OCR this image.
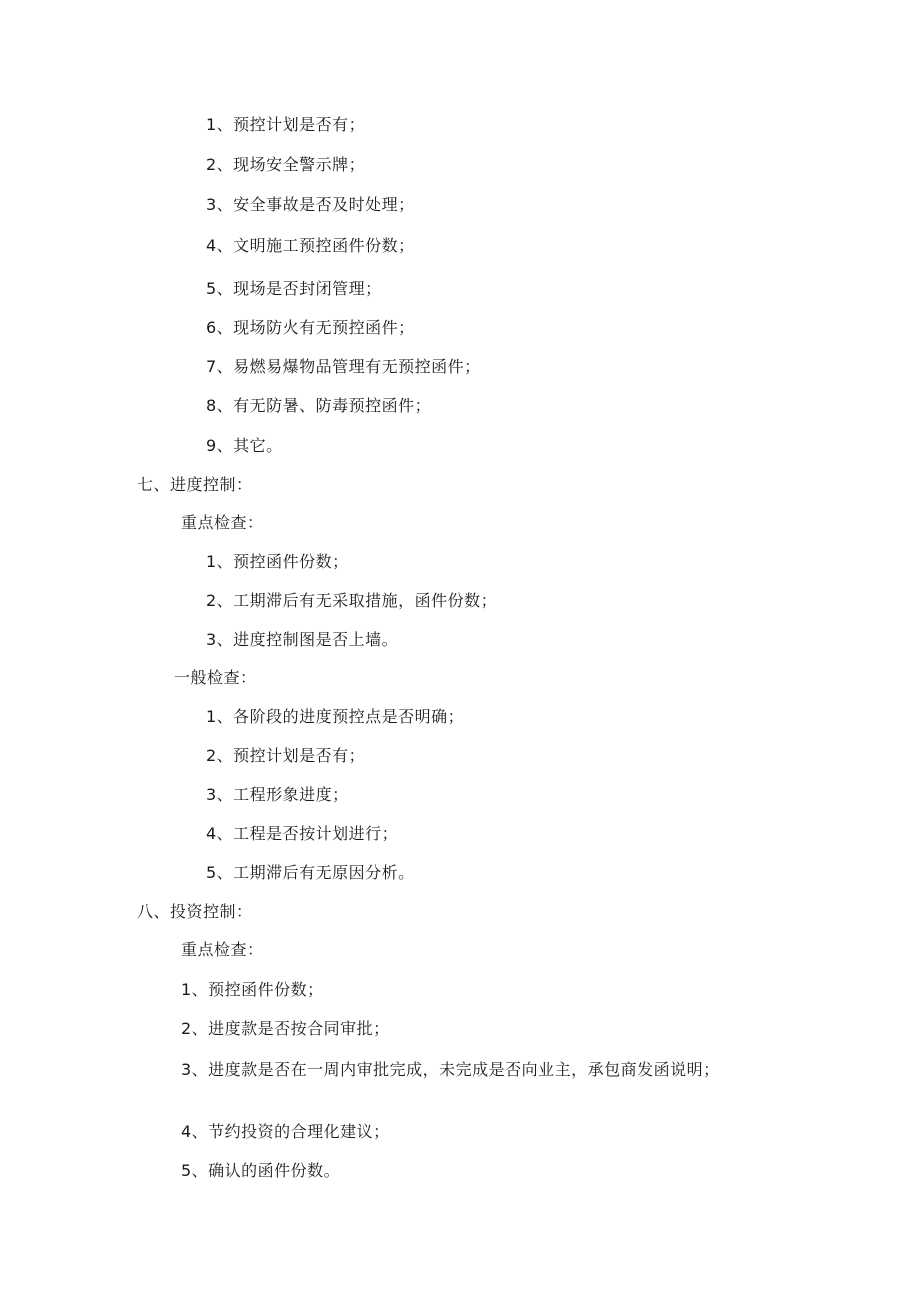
1、预控计划是否有；
2、现场安全警示牌；
3、安全事故是否及时处理；
4、文明施工预控函件份数；
5、现场是否封闭管理；
6、现场防火有无预控函件；
7、易燃易爆物品管理有无预控函件；
8、有无防暑、防毒预控函件；
9、其它。
七、进度控制：
重点检查：
1、预控函件份数；
2、工期滞后有无采取措施，函件份数；
3、进度控制图是否上墙。
一般检查：
1、各阶段的进度预控点是否明确；
2、预控计划是否有；
3、工程形象进度；
4、工程是否按计划进行；
5、工期滞后有无原因分析。
八、投资控制：
重点检查：
1、预控函件份数；
2、进度款是否按合同审批；
3、进度款是否在一周内审批完成，未完成是否向业主，承包商发函说明；
4、节约投资的合理化建议；
5、确认的函件份数。
